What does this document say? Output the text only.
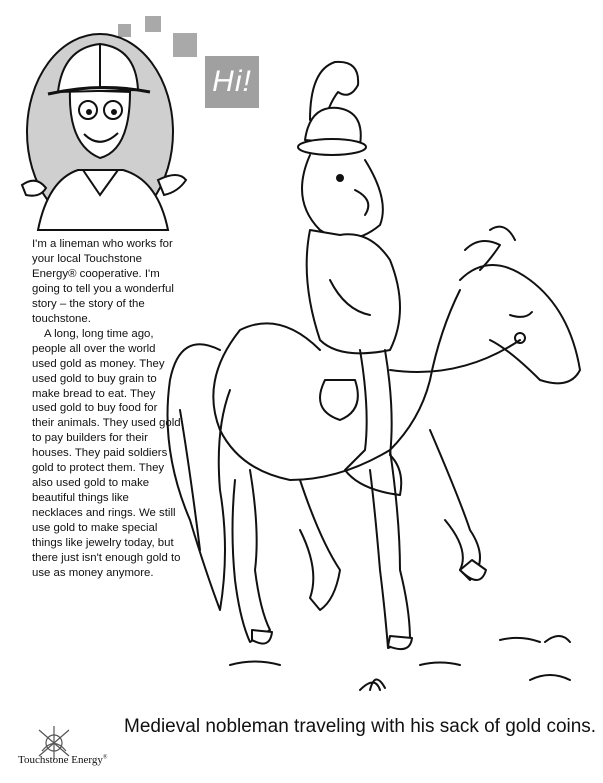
Hi!

I'm a lineman who works for your local Touchstone Energy® cooperative. I'm going to tell you a wonderful story – the story of the touchstone.

A long, long time ago, people all over the world used gold as money. They used gold to buy grain to make bread to eat. They used gold to buy food for their animals. They used gold to pay builders for their houses. They paid soldiers gold to protect them. They also used gold to make beautiful things like necklaces and rings. We still use gold to make special things like jewelry today, but there just isn't enough gold to use as money anymore.

Touchstone Energy®
Medieval nobleman traveling with his sack of gold coins.
